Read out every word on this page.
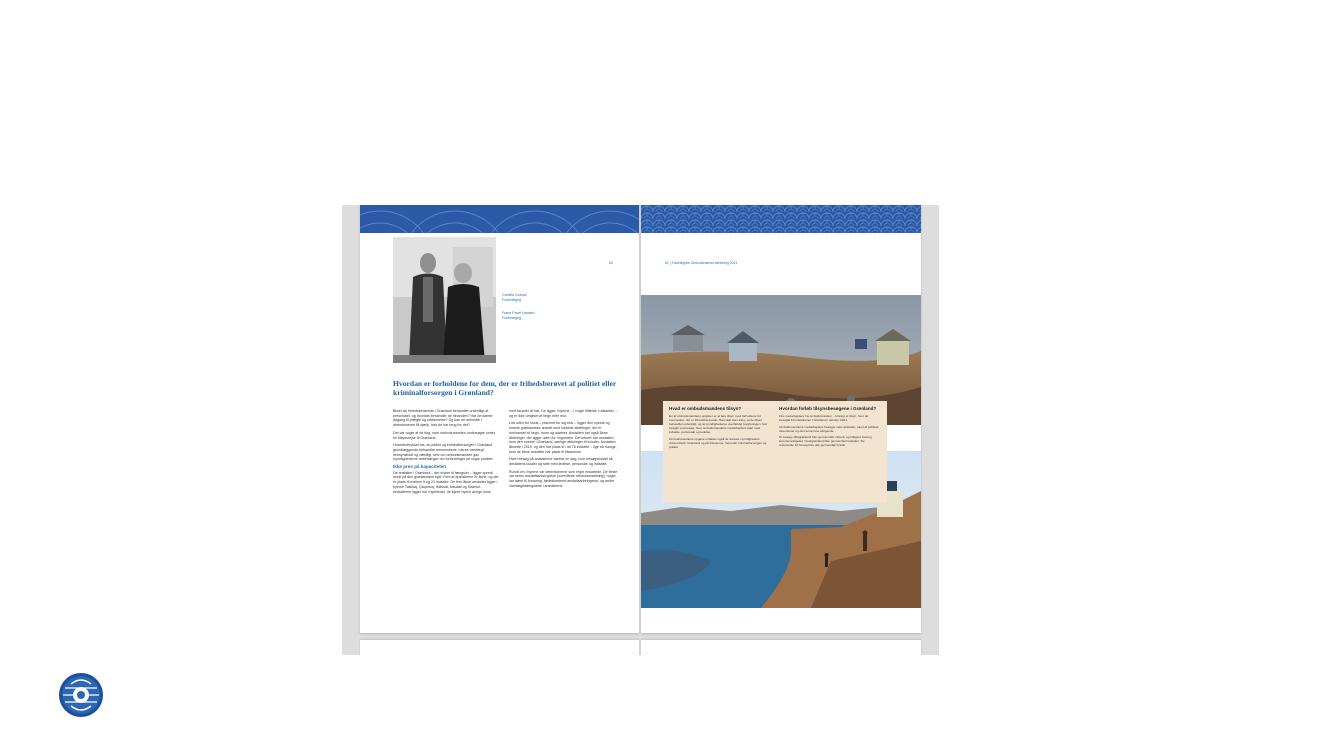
60
Camilla Gobrall
Fuldmægtig
Frans Pavel Hansen
Fuldmægtig
Hvordan er forholdene for dem, der er frihedsberøvet af politiet eller kriminalforsorgen i Grønland?

Bliver de frihedsberøvede i Grønland behandlet ordentligt af personalet, og hvordan behandler de hinanden? Har de dømte adgang til prægte og uddannelse? Og kan de anholdte i detentionerne få hjælp, hvis de har brug for det?

Det var nogle af de ting, som ombudsmanden undersøgte under en tilsynsrejse til Grønland.

Hovedindtrykket var, at politiet og kriminalforsorgen i Grønland grundlæggende behandler menneskene i deres varetægt hensynsfuldt og værdigt, selv om ombudsmanden gav myndighederne anbefalinger om forbedringer på nogle punkter.

Ikke pres på kapaciteten

De anstalter i Grønland – der svarer til fængsler – ligger spredt rundt på den grønlandske kyst. Fem af anstalterne er åbne, og der er plads til mellem 9 og 21 indsatte. De fem åbne anstalter ligger i byerne Tasiilaq, Qaqortoq, Ilulissat, Aasiaat og Sisimiut. Anstalterne ligger ind i bybilledet, de ligner byens øvrige huse

med facader af træ. De ligger i byerne – i nogle tilfælde i udkanten – og er ikke omgivet af hegn eller mur.

Lidt uden for Nuuk – placeret for sig selv – ligger den nyeste og eneste grønlandske anstalt med lukkede afdelinger, der er omkranset af hegn, mure og alarmer. Anstalten har også åbne afdelinger, der ligger uden for ringmuren. Derudover har anstalten, som den eneste i Grønland, særlige afdelinger til kvinder. Anstalten åbnede i 2019, og den har plads til i alt 76 indsatte – lige så mange, som de åbne anstalter har plads til tilsammen.

Hvert besøg på anstalterne varede en dag, hvor besøgsholdet så anstaltens lokaler og talte med ledelse, personale og indsatte.

Rundt om i byerne var detentionerne som regel ensartede. De fleste var deres anstaltsanbringelse (overvåede retsforanstaltning), nogle var dømt til forvaring, fællesbestemt anstaltsanbringelse, og andre varetægtsfængslede i anstalterne.

61 | Folketingets Ombudsmands beretning 2021
Hvad er ombudsmandens tilsyn?

En af ombudsmandens opgaver er at føre tilsyn med forholdene for mennesker, der er frihedsberøvede. Han skal især sikre, at de bliver behandlet ordentligt, og at myndighederne overholder lovgivningen. Det foregår ved besøg, hvor ombudsmandens medarbejdere taler med indsatte, personale og ledelse.

Ombudsmandens opgave omfatter også de danske myndigheders virksomhed i Grønland og på Færøerne, herunder kriminalforsorgen og politiet.

Hvordan forløb tilsynsbesøgene i Grønland?

Fire medarbejdere fra ombudsmanden – foretog et tilsyn, hvor de besøgte 10 institutioner i Grønland i oktober 2021.

Ombudsmandens medarbejdere besøgte seks anstalter, samt af politiets detentioner og den kommune afvigende.

To besøg i Østgrønland blev gennemført virtuelt, og tidligere foretog kommunefogedet i Vestgrønland ikke gennemført teletekst. De resterende 19 besøg blev alle gennemført fysisk.
